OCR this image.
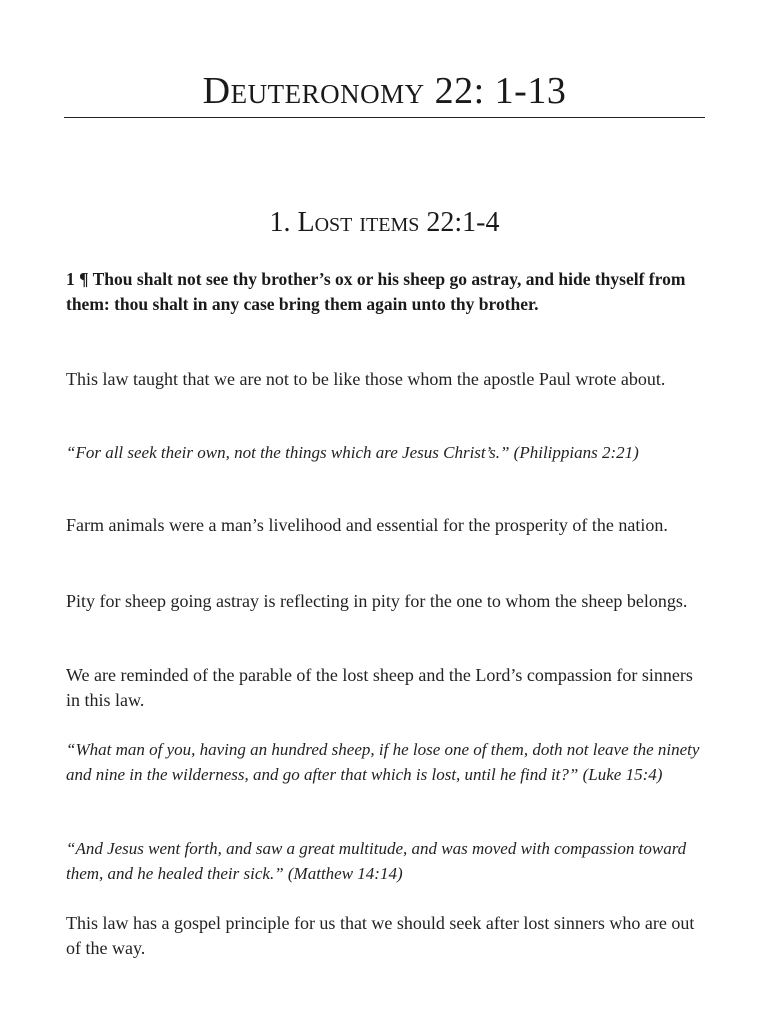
Deuteronomy 22: 1-13
1. Lost items 22:1-4

1 ¶ Thou shalt not see thy brother’s ox or his sheep go astray, and hide thyself from them: thou shalt in any case bring them again unto thy brother.

This law taught that we are not to be like those whom the apostle Paul wrote about.

“For all seek their own, not the things which are Jesus Christ’s.” (Philippians 2:21)

Farm animals were a man’s livelihood and essential for the prosperity of the nation.

Pity for sheep going astray is reflecting in pity for the one to whom the sheep belongs.

We are reminded of the parable of the lost sheep and the Lord’s compassion for sinners in this law.

“What man of you, having an hundred sheep, if he lose one of them, doth not leave the ninety and nine in the wilderness, and go after that which is lost, until he find it?” (Luke 15:4)

“And Jesus went forth, and saw a great multitude, and was moved with compassion toward them, and he healed their sick.” (Matthew 14:14)

This law has a gospel principle for us that we should seek after lost sinners who are out of the way.
